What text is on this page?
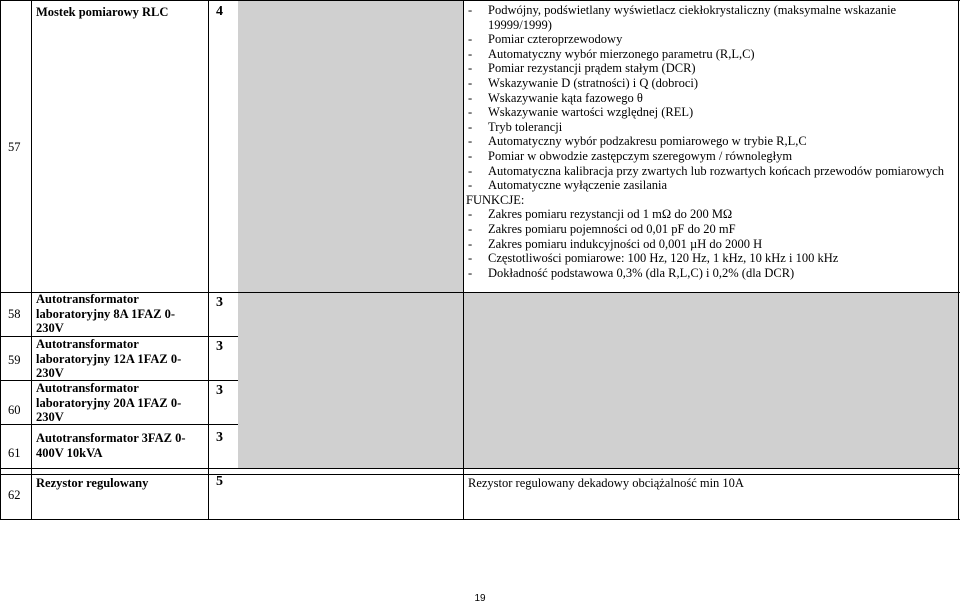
57
Mostek pomiarowy RLC	4
-	Podwójny, podświetlany wyświetlacz ciekłokrystaliczny (maksymalne wskazanie 19999/1999)
- Pomiar czteroprzewodowy
- Automatyczny wybór mierzonego parametru (R,L,C)
- Pomiar rezystancji prądem stałym (DCR)
- Wskazywanie D (stratności) i Q (dobroci)
- Wskazywanie kąta fazowego θ
- Wskazywanie wartości względnej (REL)
- Tryb tolerancji
- Automatyczny wybór podzakresu pomiarowego w trybie R,L,C
- Pomiar w obwodzie zastępczym szeregowym / równoległym
- Automatyczna kalibracja przy zwartych lub rozwartych końcach przewodów pomiarowych
- Automatyczne wyłączenie zasilania
FUNKCJE:
- Zakres pomiaru rezystancji od 1 mΩ do 200 MΩ
- Zakres pomiaru pojemności od 0,01 pF do 20 mF
- Zakres pomiaru indukcyjności od 0,001 µH do 2000 H
- Częstotliwości pomiarowe: 100 Hz, 120 Hz, 1 kHz, 10 kHz i 100 kHz
- Dokładność podstawowa 0,3% (dla R,L,C) i 0,2% (dla DCR)
58
Autotransformator laboratoryjny 8A 1FAZ 0-230V
3
59
Autotransformator laboratoryjny 12A 1FAZ 0-230V
3
60
Autotransformator laboratoryjny 20A 1FAZ 0-230V
3
61
Autotransformator 3FAZ 0-400V 10kVA
3
62
Rezystor regulowany	5	Rezystor regulowany dekadowy obciążalność min 10A
19
